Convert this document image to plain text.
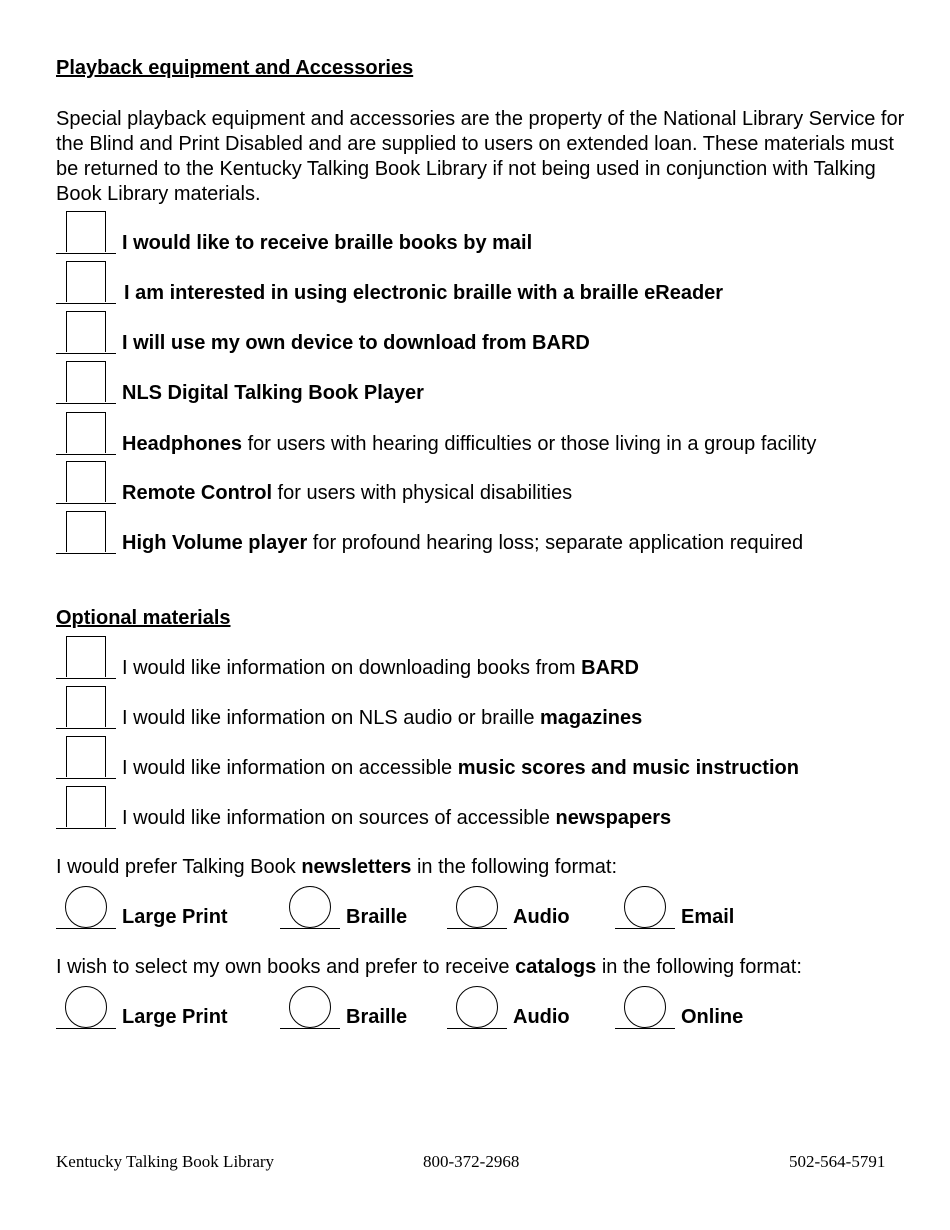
Playback equipment and Accessories
Special playback equipment and accessories are the property of the National Library Service for the Blind and Print Disabled and are supplied to users on extended loan. These materials must be returned to the Kentucky Talking Book Library if not being used in conjunction with Talking Book Library materials.
I would like to receive braille books by mail
I am interested in using electronic braille with a braille eReader
I will use my own device to download from BARD
NLS Digital Talking Book Player
Headphones for users with hearing difficulties or those living in a group facility
Remote Control for users with physical disabilities
High Volume player for profound hearing loss; separate application required
Optional materials
I would like information on downloading books from BARD
I would like information on NLS audio or braille magazines
I would like information on accessible music scores and music instruction
I would like information on sources of accessible newspapers
I would prefer Talking Book newsletters in the following format:
Large Print	Braille	Audio	Email
I wish to select my own books and prefer to receive catalogs in the following format:
Large Print	Braille	Audio	Online
Kentucky Talking Book Library	800-372-2968	502-564-5791
